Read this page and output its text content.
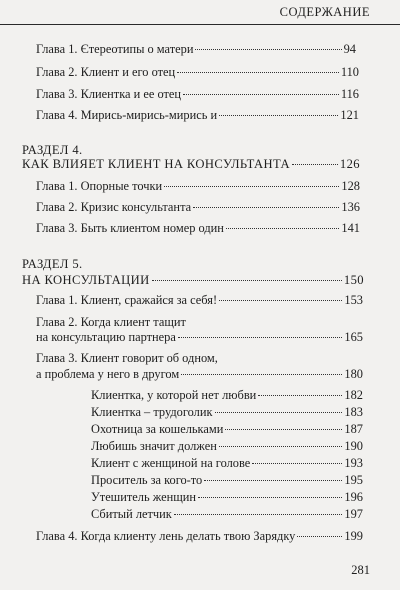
СОДЕРЖАНИЕ
Глава 1. Єтереотипы о матери	94
Глава 2. Клиент и его отец	110
Глава 3. Клиентка и ее отец	116
Глава 4. Мирись-мирись-мирись и	121
РАЗДЕЛ 4.
КАК ВЛИЯЕТ КЛИЕНТ НА КОНСУЛЬТАНТА	126
Глава 1. Опорные точки	128
Глава 2. Кризис консультанта	136
Глава 3. Быть клиентом номер один	141
РАЗДЕЛ 5.
НА КОНСУЛЬТАЦИИ	150
Глава 1. Клиент, сражайся за себя!	153
Глава 2. Когда клиент тащит
на консультацию партнера	165
Глава 3. Клиент говорит об одном,
а проблема у него в другом	180
Клиентка, у которой нет любви	182
Клиентка – трудоголик	183
Охотница за кошельками	187
Любишь значит должен	190
Клиент с женщиной на голове	193
Проситель за кого-то	195
Утешитель женщин	196
Сбитый летчик	197
Глава 4. Когда клиенту лень делать твою Зарядку	199
281
